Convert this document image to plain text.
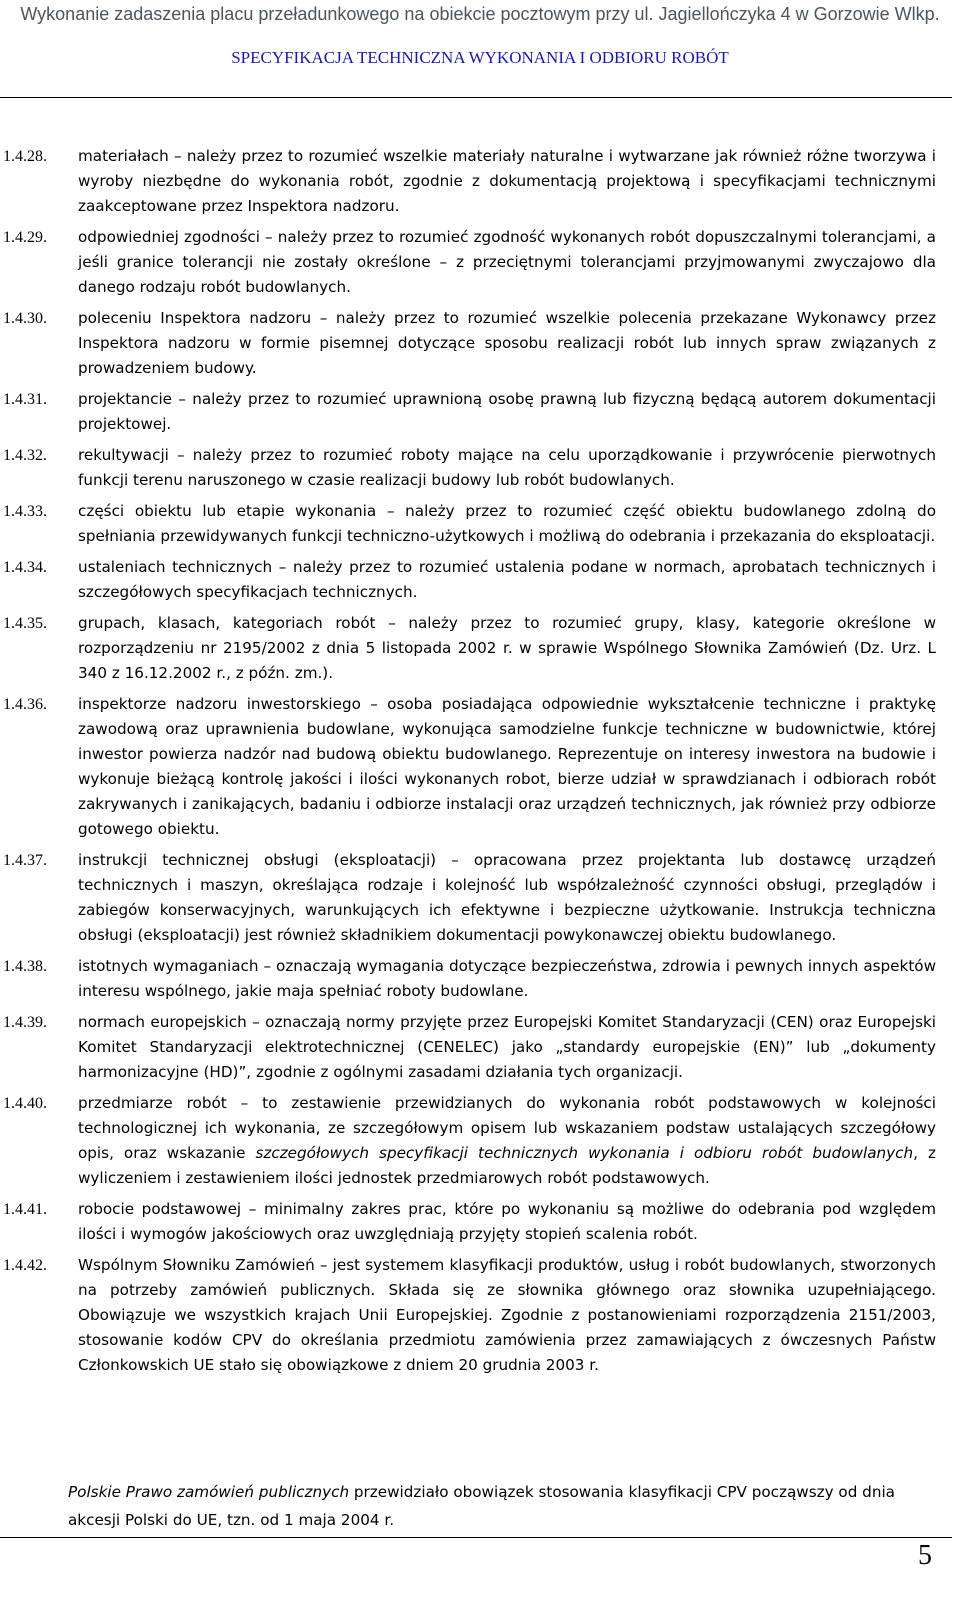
Wykonanie zadaszenia placu przeładunkowego na obiekcie pocztowym przy ul. Jagiellończyka 4 w Gorzowie Wlkp.
SPECYFIKACJA TECHNICZNA WYKONANIA I ODBIORU ROBÓT
1.4.28.	materiałach – należy przez to rozumieć wszelkie materiały naturalne i wytwarzane jak również różne tworzywa i wyroby niezbędne do wykonania robót, zgodnie z dokumentacją projektową i specyfikacjami technicznymi zaakceptowane przez Inspektora nadzoru.
1.4.29.	odpowiedniej zgodności – należy przez to rozumieć zgodność wykonanych robót dopuszczalnymi tolerancjami, a jeśli granice tolerancji nie zostały określone – z przeciętnymi tolerancjami przyjmowanymi zwyczajowo dla danego rodzaju robót budowlanych.
1.4.30.	poleceniu Inspektora nadzoru – należy przez to rozumieć wszelkie polecenia przekazane Wykonawcy przez Inspektora nadzoru w formie pisemnej dotyczące sposobu realizacji robót lub innych spraw związanych z prowadzeniem budowy.
1.4.31.	projektancie – należy przez to rozumieć uprawnioną osobę prawną lub fizyczną będącą autorem dokumentacji projektowej.
1.4.32.	rekultywacji – należy przez to rozumieć roboty mające na celu uporządkowanie i przywrócenie pierwotnych funkcji terenu naruszonego w czasie realizacji budowy lub robót budowlanych.
1.4.33.	części obiektu lub etapie wykonania – należy przez to rozumieć część obiektu budowlanego zdolną do spełniania przewidywanych funkcji techniczno-użytkowych i możliwą do odebrania i przekazania do eksploatacji.
1.4.34.	ustaleniach technicznych – należy przez to rozumieć ustalenia podane w normach, aprobatach technicznych i szczegółowych specyfikacjach technicznych.
1.4.35.	grupach, klasach, kategoriach robót – należy przez to rozumieć grupy, klasy, kategorie określone w rozporządzeniu nr 2195/2002 z dnia 5 listopada 2002 r. w sprawie Wspólnego Słownika Zamówień (Dz. Urz. L 340 z 16.12.2002 r., z późn. zm.).
1.4.36.	inspektorze nadzoru inwestorskiego – osoba posiadająca odpowiednie wykształcenie techniczne i praktykę zawodową oraz uprawnienia budowlane, wykonująca samodzielne funkcje techniczne w budownictwie, której inwestor powierza nadzór nad budową obiektu budowlanego. Reprezentuje on interesy inwestora na budowie i wykonuje bieżącą kontrolę jakości i ilości wykonanych robot, bierze udział w sprawdzianach i odbiorach robót zakrywanych i zanikających, badaniu i odbiorze instalacji oraz urządzeń technicznych, jak również przy odbiorze gotowego obiektu.
1.4.37.	instrukcji technicznej obsługi (eksploatacji) – opracowana przez projektanta lub dostawcę urządzeń technicznych i maszyn, określająca rodzaje i kolejność lub współzależność czynności obsługi, przeglądów i zabiegów konserwacyjnych, warunkujących ich efektywne i bezpieczne użytkowanie. Instrukcja techniczna obsługi (eksploatacji) jest również składnikiem dokumentacji powykonawczej obiektu budowlanego.
1.4.38.	istotnych wymaganiach – oznaczają wymagania dotyczące bezpieczeństwa, zdrowia i pewnych innych aspektów interesu wspólnego, jakie maja spełniać roboty budowlane.
1.4.39.	normach europejskich – oznaczają normy przyjęte przez Europejski Komitet Standaryzacji (CEN) oraz Europejski Komitet Standaryzacji elektrotechnicznej (CENELEC) jako „standardy europejskie (EN)” lub „dokumenty harmonizacyjne (HD)”, zgodnie z ogólnymi zasadami działania tych organizacji.
1.4.40.	przedmiarze robót – to zestawienie przewidzianych do wykonania robót podstawowych w kolejności technologicznej ich wykonania, ze szczegółowym opisem lub wskazaniem podstaw ustalających szczegółowy opis, oraz wskazanie szczegółowych specyfikacji technicznych wykonania i odbioru robót budowlanych, z wyliczeniem i zestawieniem ilości jednostek przedmiarowych robót podstawowych.
1.4.41.	robocie podstawowej – minimalny zakres prac, które po wykonaniu są możliwe do odebrania pod względem ilości i wymogów jakościowych oraz uwzględniają przyjęty stopień scalenia robót.
1.4.42.	Wspólnym Słowniku Zamówień – jest systemem klasyfikacji produktów, usług i robót budowlanych, stworzonych na potrzeby zamówień publicznych. Składa się ze słownika głównego oraz słownika uzupełniającego. Obowiązuje we wszystkich krajach Unii Europejskiej. Zgodnie z postanowieniami rozporządzenia 2151/2003, stosowanie kodów CPV do określania przedmiotu zamówienia przez zamawiających z ówczesnych Państw Członkowskich UE stało się obowiązkowe z dniem 20 grudnia 2003 r.
Polskie Prawo zamówień publicznych przewidziało obowiązek stosowania klasyfikacji CPV począwszy od dnia akcesji Polski do UE, tzn. od 1 maja 2004 r.
5
